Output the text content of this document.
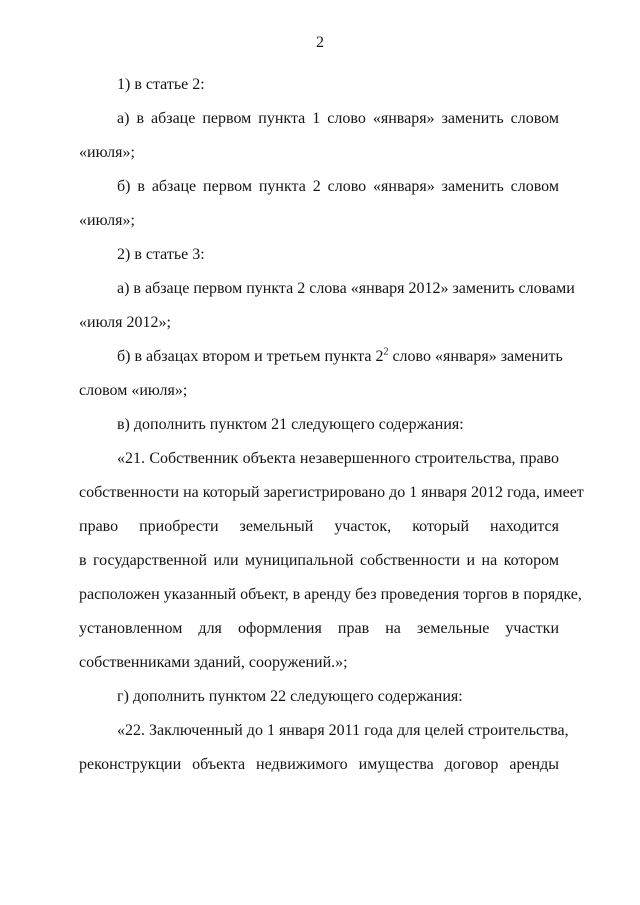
2
1) в статье 2:
а) в абзаце первом пункта 1 слово «января» заменить словом
«июля»;
б) в абзаце первом пункта 2 слово «января» заменить словом
«июля»;
2) в статье 3:
а) в абзаце первом пункта 2 слова «января 2012» заменить словами
«июля 2012»;
б) в абзацах втором и третьем пункта $2^2$ слово «января» заменить
словом «июля»;
в) дополнить пунктом 21 следующего содержания:
«21. Собственник объекта незавершенного строительства, право
собственности на который зарегистрировано до 1 января 2012 года, имеет
право приобрести земельный участок, который находится
в государственной или муниципальной собственности и на котором
расположен указанный объект, в аренду без проведения торгов в порядке,
установленном для оформления прав на земельные участки
собственниками зданий, сооружений.»;
г) дополнить пунктом 22 следующего содержания:
«22. Заключенный до 1 января 2011 года для целей строительства,
реконструкции объекта недвижимого имущества договор аренды
